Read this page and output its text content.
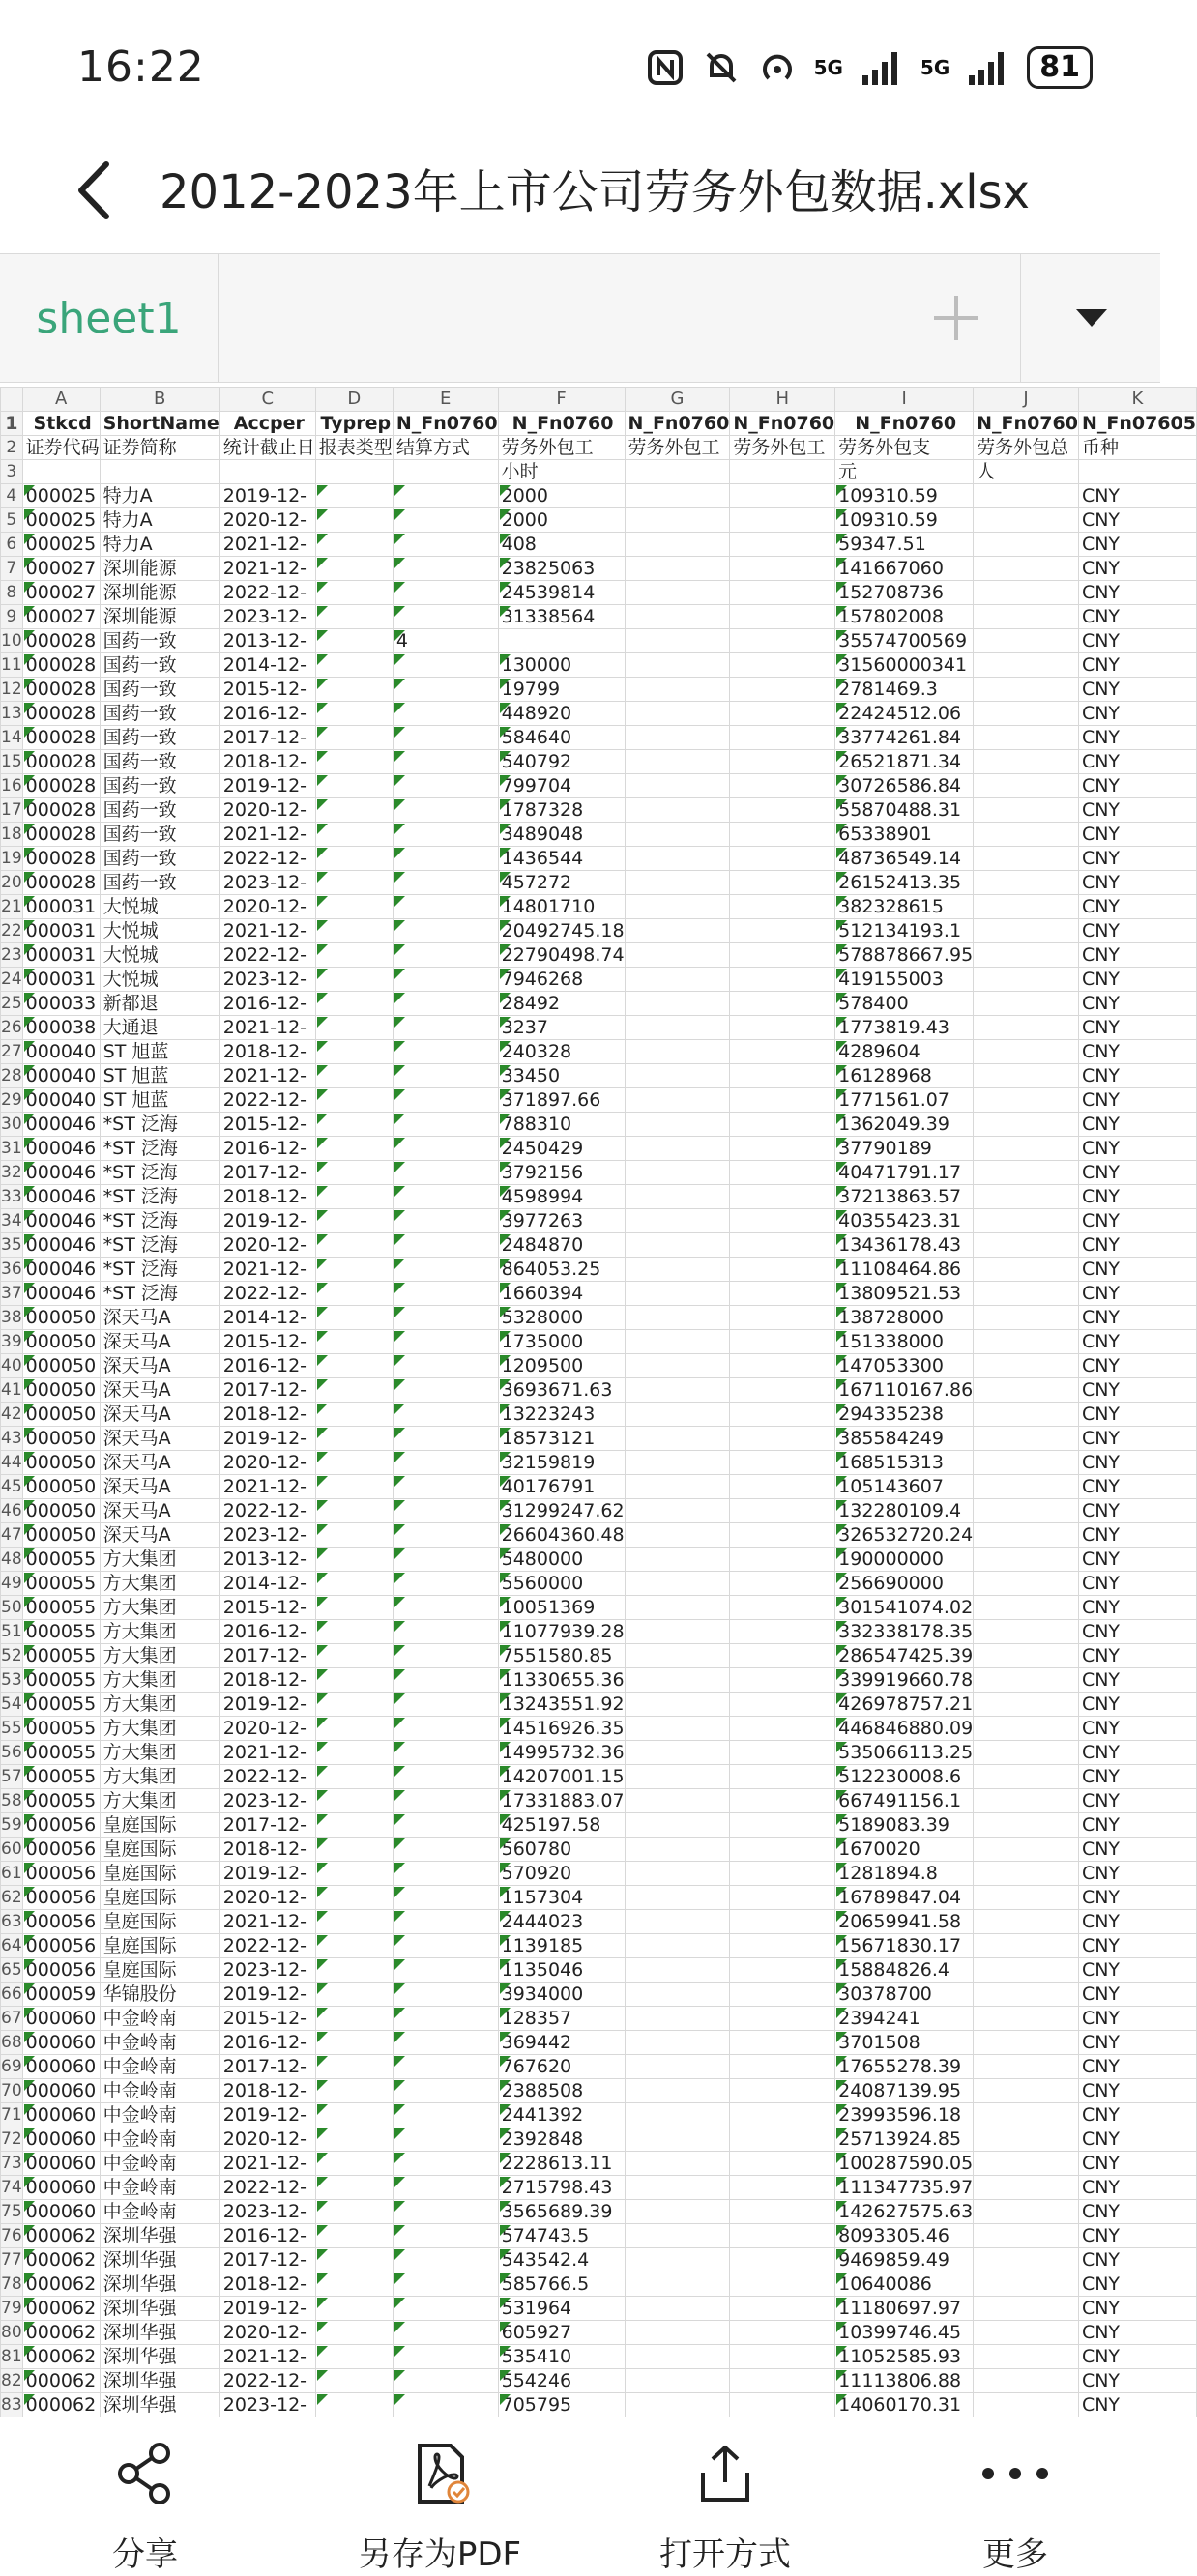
16:22	5G	5G	81
2012-2023年上市公司劳务外包数据.xlsx
sheet1
	A	B	C	D	E	F	G	H	I	J	K
1	Stkcd	ShortName	Accper	Typrep	N_Fn0760	N_Fn0760	N_Fn0760	N_Fn0760	N_Fn0760	N_Fn0760	N_Fn07605
2	证券代码	证券简称	统计截止日	报表类型	结算方式	劳务外包工	劳务外包工	劳务外包工	劳务外包支	劳务外包总	币种
3						小时			元	人	
4	000025	特力A	2019-12-			2000			109310.59		CNY
5	000025	特力A	2020-12-			2000			109310.59		CNY
6	000025	特力A	2021-12-			408			59347.51		CNY
7	000027	深圳能源	2021-12-			23825063			141667060		CNY
8	000027	深圳能源	2022-12-			24539814			152708736		CNY
9	000027	深圳能源	2023-12-			31338564			157802008		CNY
10	000028	国药一致	2013-12-		4				35574700569		CNY
11	000028	国药一致	2014-12-			130000			31560000341		CNY
12	000028	国药一致	2015-12-			19799			2781469.3		CNY
13	000028	国药一致	2016-12-			448920			22424512.06		CNY
14	000028	国药一致	2017-12-			584640			33774261.84		CNY
15	000028	国药一致	2018-12-			540792			26521871.34		CNY
16	000028	国药一致	2019-12-			799704			30726586.84		CNY
17	000028	国药一致	2020-12-			1787328			55870488.31		CNY
18	000028	国药一致	2021-12-			3489048			65338901		CNY
19	000028	国药一致	2022-12-			1436544			48736549.14		CNY
20	000028	国药一致	2023-12-			457272			26152413.35		CNY
21	000031	大悦城	2020-12-			14801710			382328615		CNY
22	000031	大悦城	2021-12-			20492745.18			512134193.1		CNY
23	000031	大悦城	2022-12-			22790498.74			578878667.95		CNY
24	000031	大悦城	2023-12-			7946268			419155003		CNY
25	000033	新都退	2016-12-			28492			578400		CNY
26	000038	大通退	2021-12-			3237			1773819.43		CNY
27	000040	ST 旭蓝	2018-12-			240328			4289604		CNY
28	000040	ST 旭蓝	2021-12-			33450			16128968		CNY
29	000040	ST 旭蓝	2022-12-			371897.66			1771561.07		CNY
30	000046	*ST 泛海	2015-12-			788310			1362049.39		CNY
31	000046	*ST 泛海	2016-12-			2450429			37790189		CNY
32	000046	*ST 泛海	2017-12-			3792156			40471791.17		CNY
33	000046	*ST 泛海	2018-12-			4598994			37213863.57		CNY
34	000046	*ST 泛海	2019-12-			3977263			40355423.31		CNY
35	000046	*ST 泛海	2020-12-			2484870			13436178.43		CNY
36	000046	*ST 泛海	2021-12-			864053.25			11108464.86		CNY
37	000046	*ST 泛海	2022-12-			1660394			13809521.53		CNY
38	000050	深天马A	2014-12-			5328000			138728000		CNY
39	000050	深天马A	2015-12-			1735000			151338000		CNY
40	000050	深天马A	2016-12-			1209500			147053300		CNY
41	000050	深天马A	2017-12-			3693671.63			167110167.86		CNY
42	000050	深天马A	2018-12-			13223243			294335238		CNY
43	000050	深天马A	2019-12-			18573121			385584249		CNY
44	000050	深天马A	2020-12-			32159819			168515313		CNY
45	000050	深天马A	2021-12-			40176791			105143607		CNY
46	000050	深天马A	2022-12-			31299247.62			132280109.4		CNY
47	000050	深天马A	2023-12-			26604360.48			326532720.24		CNY
48	000055	方大集团	2013-12-			5480000			190000000		CNY
49	000055	方大集团	2014-12-			5560000			256690000		CNY
50	000055	方大集团	2015-12-			10051369			301541074.02		CNY
51	000055	方大集团	2016-12-			11077939.28			332338178.35		CNY
52	000055	方大集团	2017-12-			7551580.85			286547425.39		CNY
53	000055	方大集团	2018-12-			11330655.36			339919660.78		CNY
54	000055	方大集团	2019-12-			13243551.92			426978757.21		CNY
55	000055	方大集团	2020-12-			14516926.35			446846880.09		CNY
56	000055	方大集团	2021-12-			14995732.36			535066113.25		CNY
57	000055	方大集团	2022-12-			14207001.15			512230008.6		CNY
58	000055	方大集团	2023-12-			17331883.07			667491156.1		CNY
59	000056	皇庭国际	2017-12-			425197.58			5189083.39		CNY
60	000056	皇庭国际	2018-12-			560780			1670020		CNY
61	000056	皇庭国际	2019-12-			570920			1281894.8		CNY
62	000056	皇庭国际	2020-12-			1157304			16789847.04		CNY
63	000056	皇庭国际	2021-12-			2444023			20659941.58		CNY
64	000056	皇庭国际	2022-12-			1139185			15671830.17		CNY
65	000056	皇庭国际	2023-12-			1135046			15884826.4		CNY
66	000059	华锦股份	2019-12-			3934000			30378700		CNY
67	000060	中金岭南	2015-12-			128357			2394241		CNY
68	000060	中金岭南	2016-12-			369442			3701508		CNY
69	000060	中金岭南	2017-12-			767620			17655278.39		CNY
70	000060	中金岭南	2018-12-			2388508			24087139.95		CNY
71	000060	中金岭南	2019-12-			2441392			23993596.18		CNY
72	000060	中金岭南	2020-12-			2392848			25713924.85		CNY
73	000060	中金岭南	2021-12-			2228613.11			100287590.05		CNY
74	000060	中金岭南	2022-12-			2715798.43			111347735.97		CNY
75	000060	中金岭南	2023-12-			3565689.39			142627575.63		CNY
76	000062	深圳华强	2016-12-			574743.5			8093305.46		CNY
77	000062	深圳华强	2017-12-			543542.4			9469859.49		CNY
78	000062	深圳华强	2018-12-			585766.5			10640086		CNY
79	000062	深圳华强	2019-12-			531964			11180697.97		CNY
80	000062	深圳华强	2020-12-			605927			10399746.45		CNY
81	000062	深圳华强	2021-12-			535410			11052585.93		CNY
82	000062	深圳华强	2022-12-			554246			11113806.88		CNY
83	000062	深圳华强	2023-12-			705795			14060170.31		CNY
分享	另存为PDF	打开方式	更多
